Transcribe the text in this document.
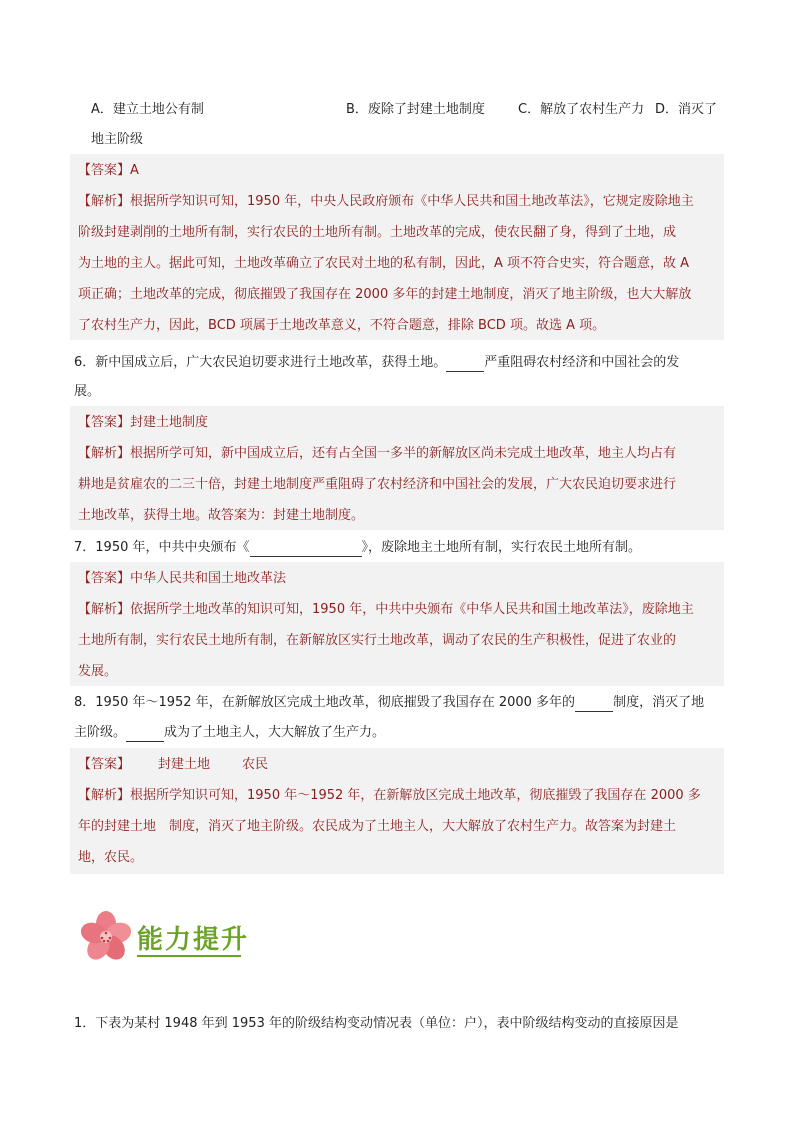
A．建立土地公有制	B．废除了封建土地制度	C．解放了农村生产力 D．消灭了
地主阶级
【答案】A
【解析】根据所学知识可知，1950 年，中央人民政府颁布《中华人民共和国土地改革法》，它规定废除地主
阶级封建剥削的土地所有制，实行农民的土地所有制。土地改革的完成，使农民翻了身，得到了土地，成
为土地的主人。据此可知，土地改革确立了农民对土地的私有制，因此，A 项不符合史实，符合题意，故 A
项正确；土地改革的完成，彻底摧毁了我国存在 2000 多年的封建土地制度，消灭了地主阶级，也大大解放
了农村生产力，因此，BCD 项属于土地改革意义，不符合题意，排除 BCD 项。故选 A 项。
6．新中国成立后，广大农民迫切要求进行土地改革，获得土地。	严重阻碍农村经济和中国社会的发
展。
【答案】封建土地制度
【解析】根据所学可知，新中国成立后，还有占全国一多半的新解放区尚未完成土地改革，地主人均占有
耕地是贫雇农的二三十倍，封建土地制度严重阻碍了农村经济和中国社会的发展，广大农民迫切要求进行
土地改革，获得土地。故答案为：封建土地制度。
7．1950 年，中共中央颁布《	》，废除地主土地所有制，实行农民土地所有制。
【答案】中华人民共和国土地改革法
【解析】依据所学土地改革的知识可知，1950 年，中共中央颁布《中华人民共和国土地改革法》，废除地主
土地所有制，实行农民土地所有制，在新解放区实行土地改革，调动了农民的生产积极性，促进了农业的
发展。
8．1950 年～1952 年，在新解放区完成土地改革，彻底摧毁了我国存在 2000 多年的	制度，消灭了地
主阶级。	成为了土地主人，大大解放了生产力。
【答案】 封建土地 农民
【解析】根据所学知识可知，1950 年～1952 年，在新解放区完成土地改革，彻底摧毁了我国存在 2000 多
年的封建土地　制度，消灭了地主阶级。农民成为了土地主人，大大解放了农村生产力。故答案为封建土
地，农民。
能力提升
1．下表为某村 1948 年到 1953 年的阶级结构变动情况表（单位：户），表中阶级结构变动的直接原因是
